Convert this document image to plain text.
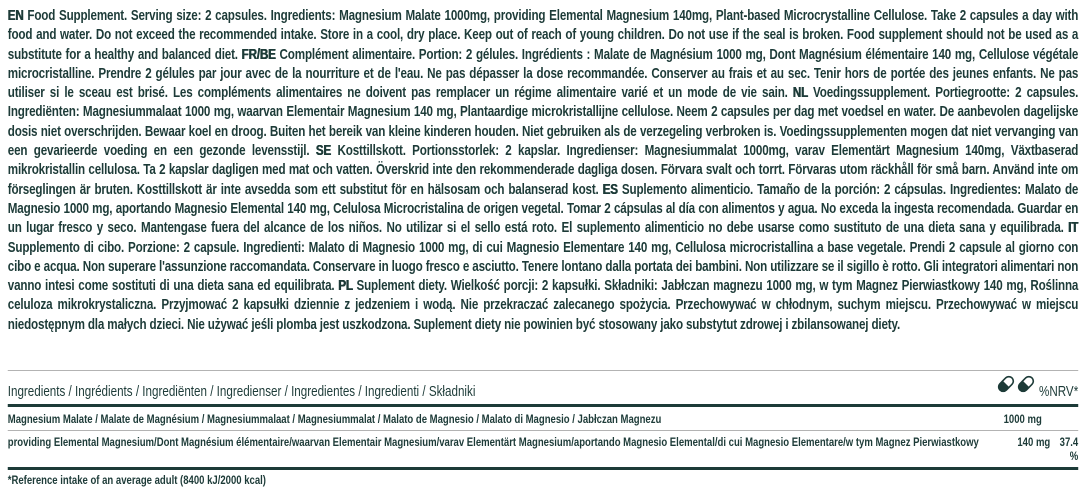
EN Food Supplement. Serving size: 2 capsules. Ingredients: Magnesium Malate 1000mg, providing Elemental Magnesium 140mg, Plant-based Microcrystalline Cellulose. Take 2 capsules a day with food and water. Do not exceed the recommended intake. Store in a cool, dry place. Keep out of reach of young children. Do not use if the seal is broken. Food supplement should not be used as a substitute for a healthy and balanced diet. FR/BE Complément alimentaire. Portion: 2 gélules. Ingrédients : Malate de Magnésium 1000 mg, Dont Magnésium élémentaire 140 mg, Cellulose végétale microcristalline. Prendre 2 gélules par jour avec de la nourriture et de l'eau. Ne pas dépasser la dose recommandée. Conserver au frais et au sec. Tenir hors de portée des jeunes enfants. Ne pas utiliser si le sceau est brisé. Les compléments alimentaires ne doivent pas remplacer un régime alimentaire varié et un mode de vie sain. NL Voedingssupplement. Portiegrootte: 2 capsules. Ingrediënten: Magnesiummalaat 1000 mg, waarvan Elementair Magnesium 140 mg, Plantaardige microkristallijne cellulose. Neem 2 capsules per dag met voedsel en water. De aanbevolen dagelijske dosis niet overschrijden. Bewaar koel en droog. Buiten het bereik van kleine kinderen houden. Niet gebruiken als de verzegeling verbroken is. Voedingssupplementen mogen dat niet vervanging van een gevarieerde voeding en een gezonde levensstijl. SE Kosttillskott. Portionsstorlek: 2 kapslar. Ingredienser: Magnesiummalat 1000mg, varav Elementärt Magnesium 140mg, Växtbaserad mikrokristallin cellulosa. Ta 2 kapslar dagligen med mat och vatten. Överskrid inte den rekommenderade dagliga dosen. Förvara svalt och torrt. Förvaras utom räckhåll för små barn. Använd inte om förseglingen är bruten. Kosttillskott är inte avsedda som ett substitut för en hälsosam och balanserad kost. ES Suplemento alimenticio. Tamaño de la porción: 2 cápsulas. Ingredientes: Malato de Magnesio 1000 mg, aportando Magnesio Elemental 140 mg, Celulosa Microcristalina de origen vegetal. Tomar 2 cápsulas al día con alimentos y agua. No exceda la ingesta recomendada. Guardar en un lugar fresco y seco. Mantengase fuera del alcance de los niños. No utilizar si el sello está roto. El suplemento alimenticio no debe usarse como sustituto de una dieta sana y equilibrada. IT Supplemento di cibo. Porzione: 2 capsule. Ingredienti: Malato di Magnesio 1000 mg, di cui Magnesio Elementare 140 mg, Cellulosa microcristallina a base vegetale. Prendi 2 capsule al giorno con cibo e acqua. Non superare l'assunzione raccomandata. Conservare in luogo fresco e asciutto. Tenere lontano dalla portata dei bambini. Non utilizzare se il sigillo è rotto. Gli integratori alimentari non vanno intesi come sostituti di una dieta sana ed equilibrata. PL Suplement diety. Wielkość porcji: 2 kapsułki. Składniki: Jabłczan magnezu 1000 mg, w tym Magnez Pierwiastkowy 140 mg, Roślinna celuloza mikrokrystaliczna. Przyjmować 2 kapsułki dziennie z jedzeniem i wodą. Nie przekraczać zalecanego spożycia. Przechowywać w chłodnym, suchym miejscu. Przechowywać w miejscu niedostępnym dla małych dzieci. Nie używać jeśli plomba jest uszkodzona. Suplement diety nie powinien być stosowany jako substytut zdrowej i zbilansowanej diety.

Ingredients / Ingrédients / Ingrediënten / Ingredienser / Ingredientes / Ingredienti / Składniki	%NRV*
Magnesium Malate / Malate de Magnésium / Magnesiummalaat / Magnesiummalat / Malato de Magnesio / Malato di Magnesio / Jabłczan Magnezu	1000 mg
providing Elemental Magnesium/Dont Magnésium élémentaire/waarvan Elementair Magnesium/varav Elementärt Magnesium/aportando Magnesio Elemental/di cui Magnesio Elementare/w tym Magnez Pierwiastkowy	140 mg 37.4 %
*Reference intake of an average adult (8400 kJ/2000 kcal)
